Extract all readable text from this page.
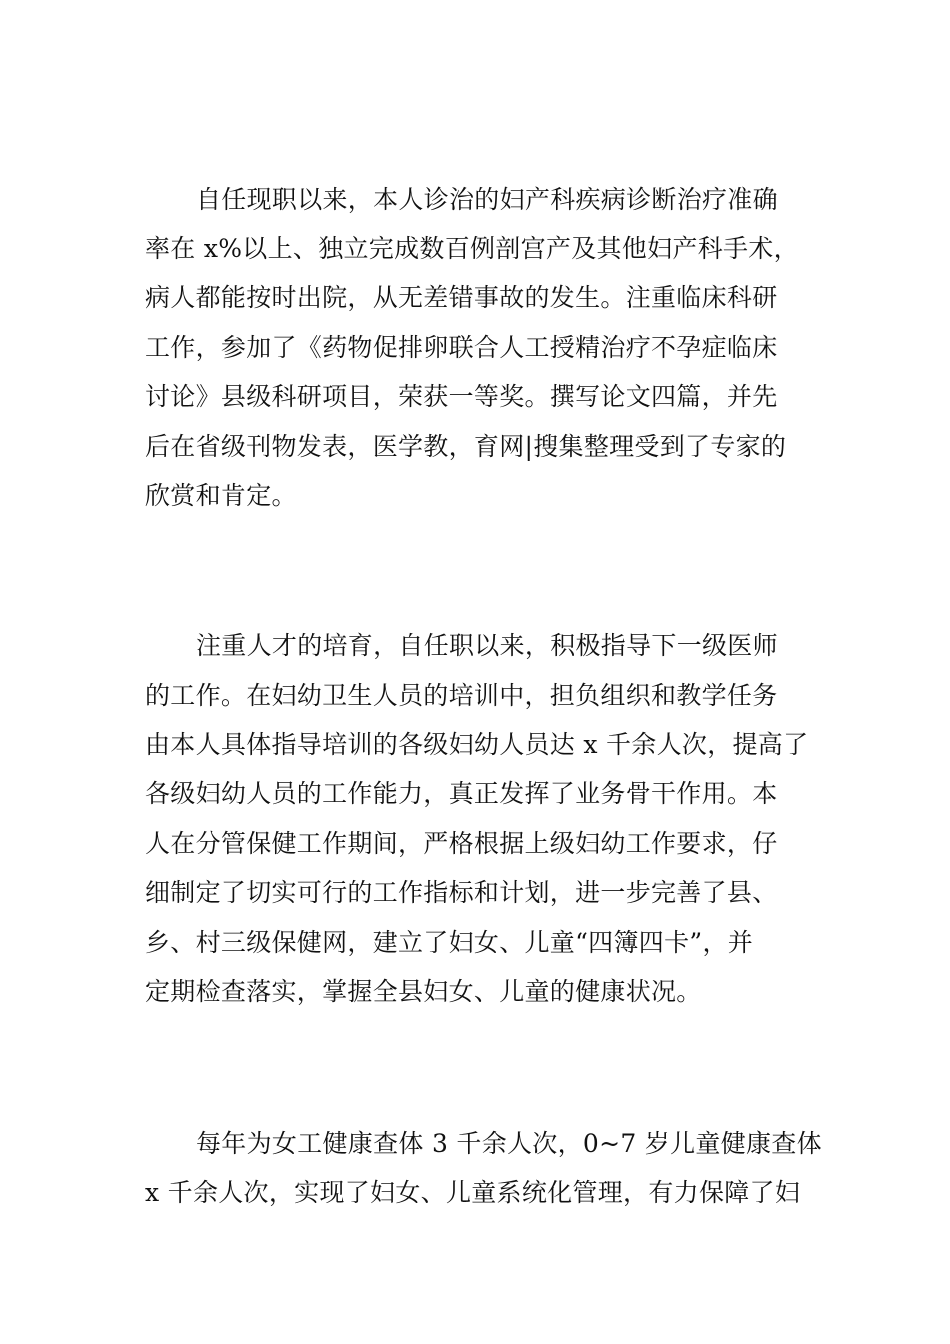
自任现职以来，本人诊治的妇产科疾病诊断治疗准确
率在 x%以上、独立完成数百例剖宫产及其他妇产科手术，
病人都能按时出院，从无差错事故的发生。注重临床科研
工作，参加了《药物促排卵联合人工授精治疗不孕症临床
讨论》县级科研项目，荣获一等奖。撰写论文四篇，并先
后在省级刊物发表，医学教，育网|搜集整理受到了专家的
欣赏和肯定。
注重人才的培育，自任职以来，积极指导下一级医师
的工作。在妇幼卫生人员的培训中，担负组织和教学任务
由本人具体指导培训的各级妇幼人员达 x 千余人次，提高了
各级妇幼人员的工作能力，真正发挥了业务骨干作用。本
人在分管保健工作期间，严格根据上级妇幼工作要求，仔
细制定了切实可行的工作指标和计划，进一步完善了县、
乡、村三级保健网，建立了妇女、儿童“四簿四卡”，并
定期检查落实，掌握全县妇女、儿童的健康状况。
每年为女工健康查体 3 千余人次，0~7 岁儿童健康查体
x 千余人次，实现了妇女、儿童系统化管理，有力保障了妇
